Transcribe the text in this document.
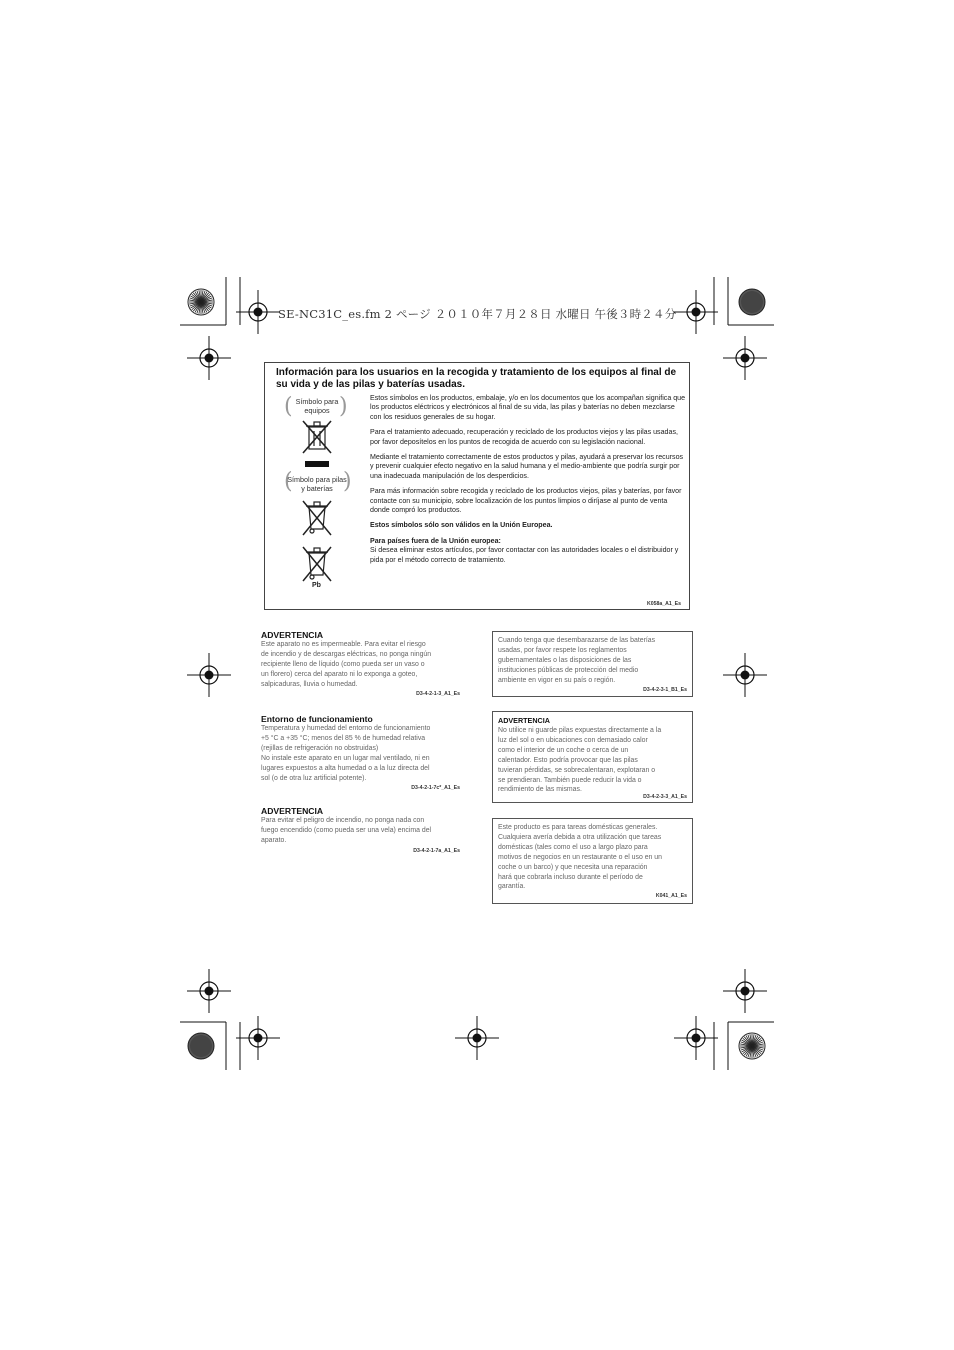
SE-NC31C_es.fm 2 ページ ２０１０年７月２８日 水曜日 午後３時２４分
Información para los usuarios en la recogida y tratamiento de los equipos al final de su vida y de las pilas y baterías usadas.
( )
Símbolo para equipos
( )
Símbolo para pilas y baterías
Pb

Estos símbolos en los productos, embalaje, y/o en los documentos que los acompañan significa que los productos eléctricos y electrónicos al final de su vida, las pilas y baterías no deben mezclarse con los residuos generales de su hogar.

Para el tratamiento adecuado, recuperación y reciclado de los productos viejos y las pilas usadas, por favor deposítelos en los puntos de recogida de acuerdo con su legislación nacional.

Mediante el tratamiento correctamente de estos productos y pilas, ayudará a preservar los recursos y prevenir cualquier efecto negativo en la salud humana y el medio-ambiente que podría surgir por una inadecuada manipulación de los desperdicios.

Para más información sobre recogida y reciclado de los productos viejos, pilas y baterías, por favor contacte con su municipio, sobre localización de los puntos limpios o diríjase al punto de venta donde compró los productos.

Estos símbolos sólo son válidos en la Unión Europea.

Para países fuera de la Unión europea:

Si desea eliminar estos artículos, por favor contactar con las autoridades locales o el distribuidor y pida por el método correcto de tratamiento.

K058a_A1_Es
ADVERTENCIA
Este aparato no es impermeable. Para evitar el riesgo
de incendio y de descargas eléctricas, no ponga ningún
recipiente lleno de líquido (como pueda ser un vaso o
un florero) cerca del aparato ni lo exponga a goteo,
salpicaduras, lluvia o humedad.
D3-4-2-1-3_A1_Es
Entorno de funcionamiento
Temperatura y humedad del entorno de funcionamiento
+5 °C a +35 °C; menos del 85 % de humedad relativa
(rejillas de refrigeración no obstruidas)
No instale este aparato en un lugar mal ventilado, ni en
lugares expuestos a alta humedad o a la luz directa del
sol (o de otra luz artificial potente).
D3-4-2-1-7c*_A1_Es
ADVERTENCIA
Para evitar el peligro de incendio, no ponga nada con
fuego encendido (como pueda ser una vela) encima del
aparato.
D3-4-2-1-7a_A1_Es
Cuando tenga que desembarazarse de las baterías
usadas, por favor respete los reglamentos
gubernamentales o las disposiciones de las
instituciones públicas de protección del medio
ambiente en vigor en su país o región.
D3-4-2-3-1_B1_Es
ADVERTENCIA
No utilice ni guarde pilas expuestas directamente a la
luz del sol o en ubicaciones con demasiado calor
como el interior de un coche o cerca de un
calentador. Esto podría provocar que las pilas
tuvieran pérdidas, se sobrecalentaran, explotaran o
se prendieran. También puede reducir la vida o
rendimiento de las mismas.
D3-4-2-3-3_A1_Es
Este producto es para tareas domésticas generales.
Cualquiera avería debida a otra utilización que tareas
domésticas (tales como el uso a largo plazo para
motivos de negocios en un restaurante o el uso en un
coche o un barco) y que necesita una reparación
hará que cobrarla incluso durante el período de
garantía.
K041_A1_Es
